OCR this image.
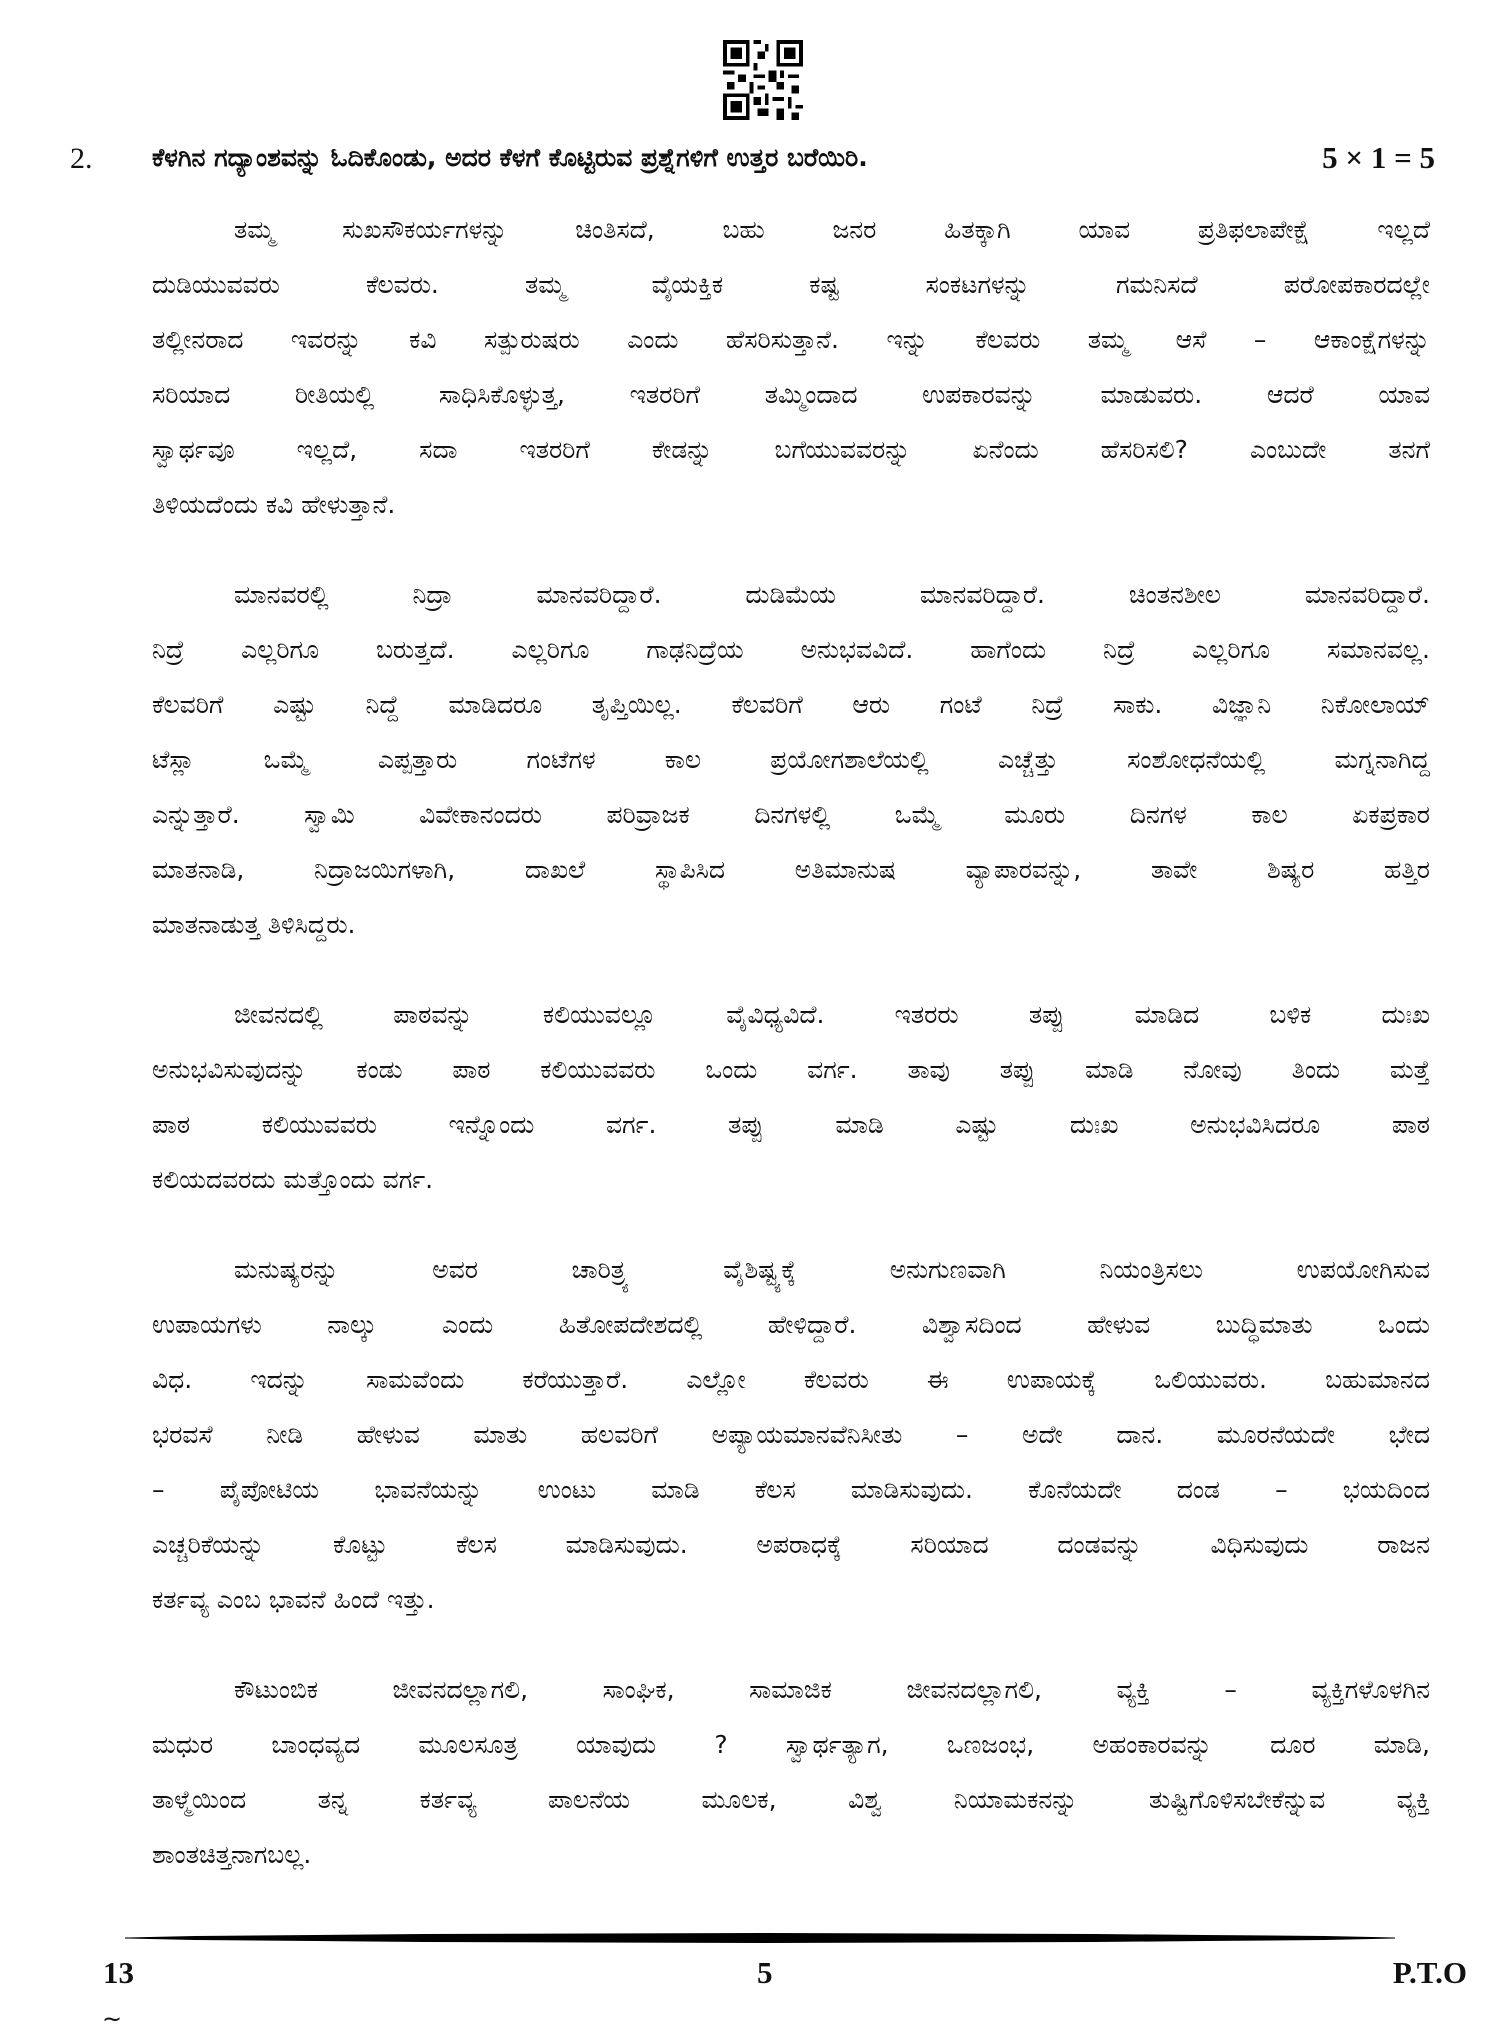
2. ಕೆಳಗಿನ ಗದ್ಯಾಂಶವನ್ನು ಓದಿಕೊಂಡು, ಅದರ ಕೆಳಗೆ ಕೊಟ್ಟಿರುವ ಪ್ರಶ್ನೆಗಳಿಗೆ ಉತ್ತರ ಬರೆಯಿರಿ.	5 × 1 = 5
ತಮ್ಮ ಸುಖಸೌಕರ್ಯಗಳನ್ನು ಚಿಂತಿಸದೆ, ಬಹು ಜನರ ಹಿತಕ್ಕಾಗಿ ಯಾವ ಪ್ರತಿಫಲಾಪೇಕ್ಷೆ ಇಲ್ಲದೆ
ದುಡಿಯುವವರು ಕೆಲವರು. ತಮ್ಮ ವೈಯಕ್ತಿಕ ಕಷ್ಟ ಸಂಕಟಗಳನ್ನು ಗಮನಿಸದೆ ಪರೋಪಕಾರದಲ್ಲೇ
ತಲ್ಲೀನರಾದ ಇವರನ್ನು ಕವಿ ಸತ್ಪುರುಷರು ಎಂದು ಹೆಸರಿಸುತ್ತಾನೆ. ಇನ್ನು ಕೆಲವರು ತಮ್ಮ ಆಸೆ – ಆಕಾಂಕ್ಷೆಗಳನ್ನು
ಸರಿಯಾದ ರೀತಿಯಲ್ಲಿ ಸಾಧಿಸಿಕೊಳ್ಳುತ್ತ, ಇತರರಿಗೆ ತಮ್ಮಿಂದಾದ ಉಪಕಾರವನ್ನು ಮಾಡುವರು. ಆದರೆ ಯಾವ
ಸ್ವಾರ್ಥವೂ ಇಲ್ಲದೆ, ಸದಾ ಇತರರಿಗೆ ಕೇಡನ್ನು ಬಗೆಯುವವರನ್ನು ಏನೆಂದು ಹೆಸರಿಸಲಿ? ಎಂಬುದೇ ತನಗೆ
ತಿಳಿಯದೆಂದು ಕವಿ ಹೇಳುತ್ತಾನೆ.
ಮಾನವರಲ್ಲಿ ನಿದ್ರಾ ಮಾನವರಿದ್ದಾರೆ. ದುಡಿಮೆಯ ಮಾನವರಿದ್ದಾರೆ. ಚಿಂತನಶೀಲ ಮಾನವರಿದ್ದಾರೆ.
ನಿದ್ರೆ ಎಲ್ಲರಿಗೂ ಬರುತ್ತದೆ. ಎಲ್ಲರಿಗೂ ಗಾಢನಿದ್ರೆಯ ಅನುಭವವಿದೆ. ಹಾಗೆಂದು ನಿದ್ರೆ ಎಲ್ಲರಿಗೂ ಸಮಾನವಲ್ಲ.
ಕೆಲವರಿಗೆ ಎಷ್ಟು ನಿದ್ದೆ ಮಾಡಿದರೂ ತೃಪ್ತಿಯಿಲ್ಲ. ಕೆಲವರಿಗೆ ಆರು ಗಂಟೆ ನಿದ್ರೆ ಸಾಕು. ವಿಜ್ಞಾನಿ ನಿಕೋಲಾಯ್
ಟೆಸ್ಲಾ ಒಮ್ಮೆ ಎಪ್ಪತ್ತಾರು ಗಂಟೆಗಳ ಕಾಲ ಪ್ರಯೋಗಶಾಲೆಯಲ್ಲಿ ಎಚ್ಚೆತ್ತು ಸಂಶೋಧನೆಯಲ್ಲಿ ಮಗ್ನನಾಗಿದ್ದ
ಎನ್ನುತ್ತಾರೆ. ಸ್ವಾಮಿ ವಿವೇಕಾನಂದರು ಪರಿವ್ರಾಜಕ ದಿನಗಳಲ್ಲಿ ಒಮ್ಮೆ ಮೂರು ದಿನಗಳ ಕಾಲ ಏಕಪ್ರಕಾರ
ಮಾತನಾಡಿ, ನಿದ್ರಾಜಯಿಗಳಾಗಿ, ದಾಖಲೆ ಸ್ಥಾಪಿಸಿದ ಅತಿಮಾನುಷ ವ್ಯಾಪಾರವನ್ನು, ತಾವೇ ಶಿಷ್ಯರ ಹತ್ತಿರ
ಮಾತನಾಡುತ್ತ ತಿಳಿಸಿದ್ದರು.
ಜೀವನದಲ್ಲಿ ಪಾಠವನ್ನು ಕಲಿಯುವಲ್ಲೂ ವೈವಿಧ್ಯವಿದೆ. ಇತರರು ತಪ್ಪು ಮಾಡಿದ ಬಳಿಕ ದುಃಖ
ಅನುಭವಿಸುವುದನ್ನು ಕಂಡು ಪಾಠ ಕಲಿಯುವವರು ಒಂದು ವರ್ಗ. ತಾವು ತಪ್ಪು ಮಾಡಿ ನೋವು ತಿಂದು ಮತ್ತೆ
ಪಾಠ ಕಲಿಯುವವರು ಇನ್ನೊಂದು ವರ್ಗ. ತಪ್ಪು ಮಾಡಿ ಎಷ್ಟು ದುಃಖ ಅನುಭವಿಸಿದರೂ ಪಾಠ
ಕಲಿಯದವರದು ಮತ್ತೊಂದು ವರ್ಗ.
ಮನುಷ್ಯರನ್ನು ಅವರ ಚಾರಿತ್ರ್ಯ ವೈಶಿಷ್ಟ್ಯಕ್ಕೆ ಅನುಗುಣವಾಗಿ ನಿಯಂತ್ರಿಸಲು ಉಪಯೋಗಿಸುವ
ಉಪಾಯಗಳು ನಾಲ್ಕು ಎಂದು ಹಿತೋಪದೇಶದಲ್ಲಿ ಹೇಳಿದ್ದಾರೆ. ವಿಶ್ವಾಸದಿಂದ ಹೇಳುವ ಬುದ್ಧಿಮಾತು ಒಂದು
ವಿಧ. ಇದನ್ನು ಸಾಮವೆಂದು ಕರೆಯುತ್ತಾರೆ. ಎಲ್ಲೋ ಕೆಲವರು ಈ ಉಪಾಯಕ್ಕೆ ಒಲಿಯುವರು. ಬಹುಮಾನದ
ಭರವಸೆ ನೀಡಿ ಹೇಳುವ ಮಾತು ಹಲವರಿಗೆ ಅಪ್ಯಾಯಮಾನವೆನಿಸೀತು – ಅದೇ ದಾನ. ಮೂರನೆಯದೇ ಭೇದ
– ಪೈಪೋಟಿಯ ಭಾವನೆಯನ್ನು ಉಂಟು ಮಾಡಿ ಕೆಲಸ ಮಾಡಿಸುವುದು. ಕೊನೆಯದೇ ದಂಡ – ಭಯದಿಂದ
ಎಚ್ಚರಿಕೆಯನ್ನು ಕೊಟ್ಟು ಕೆಲಸ ಮಾಡಿಸುವುದು. ಅಪರಾಧಕ್ಕೆ ಸರಿಯಾದ ದಂಡವನ್ನು ವಿಧಿಸುವುದು ರಾಜನ
ಕರ್ತವ್ಯ ಎಂಬ ಭಾವನೆ ಹಿಂದೆ ಇತ್ತು.
ಕೌಟುಂಬಿಕ ಜೀವನದಲ್ಲಾಗಲಿ, ಸಾಂಘಿಕ, ಸಾಮಾಜಿಕ ಜೀವನದಲ್ಲಾಗಲಿ, ವ್ಯಕ್ತಿ – ವ್ಯಕ್ತಿಗಳೊಳಗಿನ
ಮಧುರ ಬಾಂಧವ್ಯದ ಮೂಲಸೂತ್ರ ಯಾವುದು ? ಸ್ವಾರ್ಥತ್ಯಾಗ, ಒಣಜಂಭ, ಅಹಂಕಾರವನ್ನು ದೂರ ಮಾಡಿ,
ತಾಳ್ಮೆಯಿಂದ ತನ್ನ ಕರ್ತವ್ಯ ಪಾಲನೆಯ ಮೂಲಕ, ವಿಶ್ವ ನಿಯಾಮಕನನ್ನು ತುಷ್ಟಿಗೊಳಿಸಬೇಕೆನ್ನುವ ವ್ಯಕ್ತಿ
ಶಾಂತಚಿತ್ತನಾಗಬಲ್ಲ.
13	5	P.T.O
~
